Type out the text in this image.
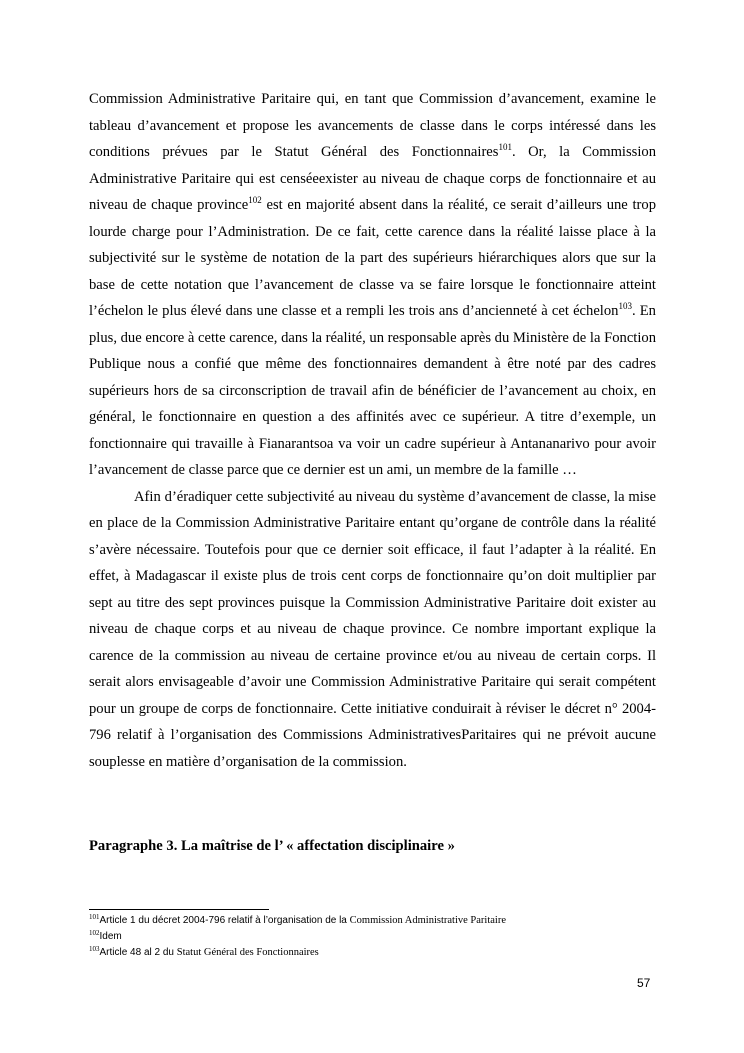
Commission Administrative Paritaire qui, en tant que Commission d’avancement, examine le tableau d’avancement et propose les avancements de classe dans le corps intéressé dans les conditions prévues par le Statut Général des Fonctionnaires$^{101}$. Or, la Commission Administrative Paritaire qui est censéeexister au niveau de chaque corps de fonctionnaire et au niveau de chaque province$^{102}$ est en majorité absent dans la réalité, ce serait d’ailleurs une trop lourde charge pour l’Administration. De ce fait, cette carence dans la réalité laisse place à la subjectivité sur le système de notation de la part des supérieurs hiérarchiques alors que sur la base de cette notation que l’avancement de classe va se faire lorsque le fonctionnaire atteint l’échelon le plus élevé dans une classe et a rempli les trois ans d’ancienneté à cet échelon$^{103}$. En plus, due encore à cette carence, dans la réalité, un responsable après du Ministère de la Fonction Publique nous a confié que même des fonctionnaires demandent à être noté par des cadres supérieurs hors de sa circonscription de travail afin de bénéficier de l’avancement au choix, en général, le fonctionnaire en question a des affinités avec ce supérieur. A titre d’exemple, un fonctionnaire qui travaille à Fianarantsoa va voir un cadre supérieur à Antananarivo pour avoir l’avancement de classe parce que ce dernier est un ami, un membre de la famille …

Afin d’éradiquer cette subjectivité au niveau du système d’avancement de classe, la mise en place de la Commission Administrative Paritaire entant qu’organe de contrôle dans la réalité s’avère nécessaire. Toutefois pour que ce dernier soit efficace, il faut l’adapter à la réalité. En effet, à Madagascar il existe plus de trois cent corps de fonctionnaire qu’on doit multiplier par sept au titre des sept provinces puisque la Commission Administrative Paritaire doit exister au niveau de chaque corps et au niveau de chaque province. Ce nombre important explique la carence de la commission au niveau de certaine province et/ou au niveau de certain corps. Il serait alors envisageable d’avoir une Commission Administrative Paritaire qui serait compétent pour un groupe de corps de fonctionnaire. Cette initiative conduirait à réviser le décret n° 2004-796 relatif à l’organisation des Commissions AdministrativesParitaires qui ne prévoit aucune souplesse en matière d’organisation de la commission.

Paragraphe 3. La maîtrise de l’ « affectation disciplinaire »
$^{101}$Article 1 du décret 2004-796 relatif à l’organisation de la Commission Administrative Paritaire
$^{102}$Idem
$^{103}$Article 48 al 2 du Statut Général des Fonctionnaires
57
